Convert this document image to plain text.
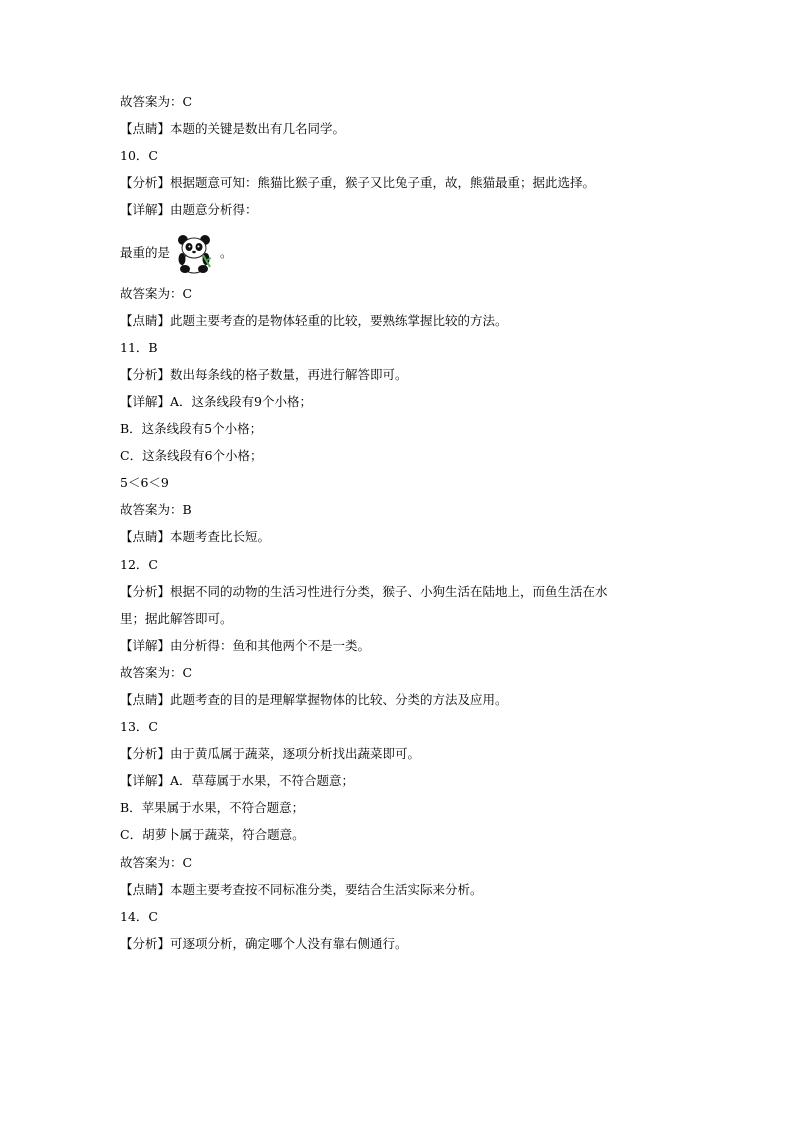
故答案为：C
【点睛】本题的关键是数出有几名同学。
10．C
【分析】根据题意可知：熊猫比猴子重，猴子又比兔子重，故，熊猫最重；据此选择。
【详解】由题意分析得：
最重的是	。
故答案为：C
【点睛】此题主要考查的是物体轻重的比较，要熟练掌握比较的方法。
11．B
【分析】数出每条线的格子数量，再进行解答即可。
【详解】A．这条线段有9个小格；
B．这条线段有5个小格；
C．这条线段有6个小格；
5＜6＜9
故答案为：B
【点睛】本题考查比长短。
12．C
【分析】根据不同的动物的生活习性进行分类，猴子、小狗生活在陆地上，而鱼生活在水
里；据此解答即可。
【详解】由分析得：鱼和其他两个不是一类。
故答案为：C
【点睛】此题考查的目的是理解掌握物体的比较、分类的方法及应用。
13．C
【分析】由于黄瓜属于蔬菜，逐项分析找出蔬菜即可。
【详解】A．草莓属于水果，不符合题意；
B．苹果属于水果，不符合题意；
C．胡萝卜属于蔬菜，符合题意。
故答案为：C
【点睛】本题主要考查按不同标准分类，要结合生活实际来分析。
14．C
【分析】可逐项分析，确定哪个人没有靠右侧通行。
